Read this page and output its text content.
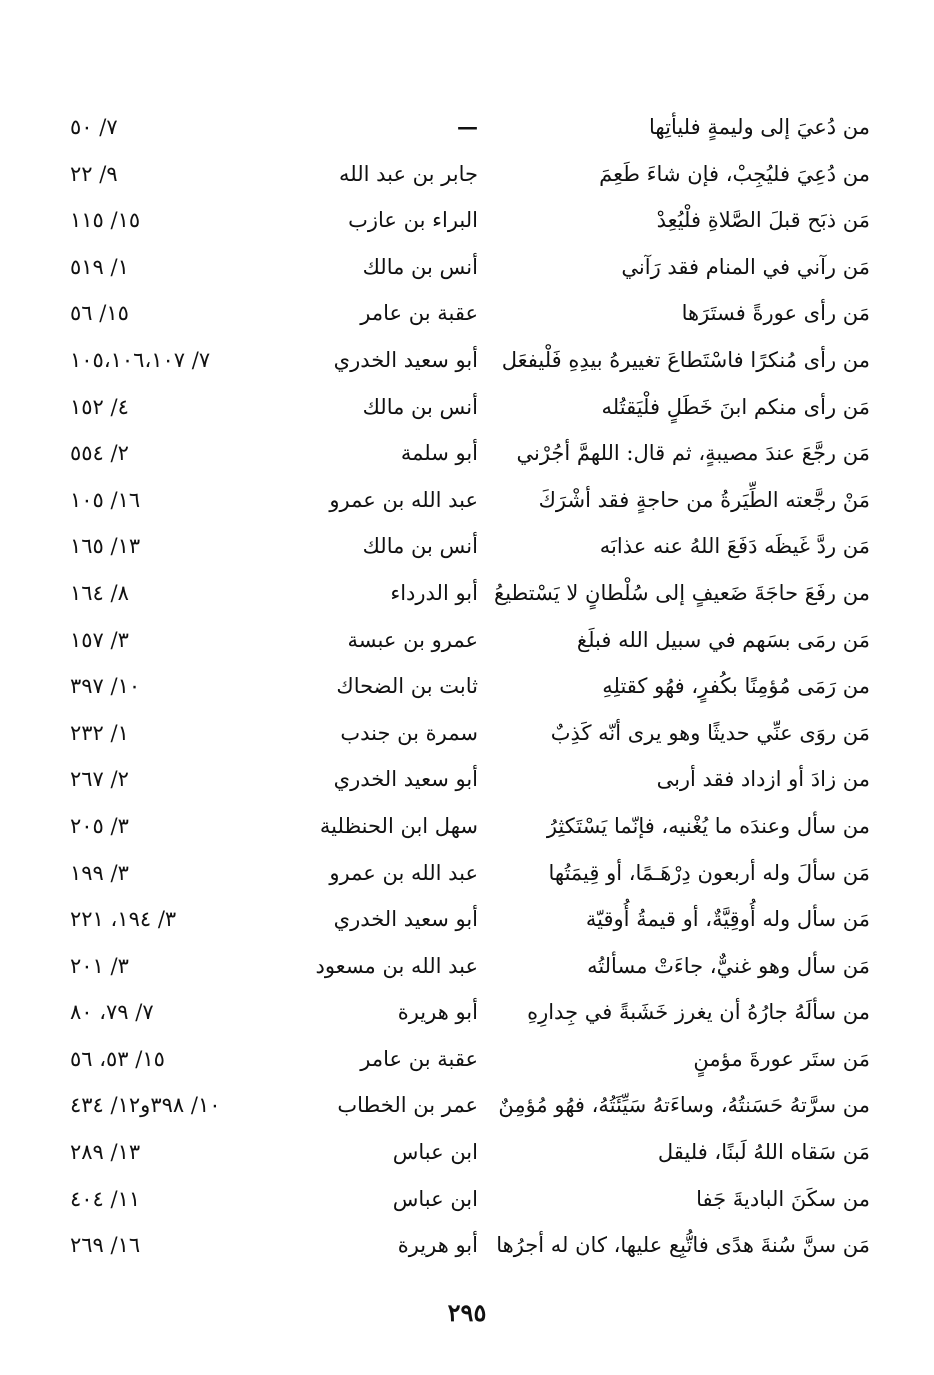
من دُعيَ إلى وليمةٍ فليأتِها
—
٧/ ٥٠
من دُعِيَ فليُجِبْ، فإن شاءَ طَعِمَ
جابر بن عبد الله
٩/ ٢٢
مَن ذبَح قبلَ الصَّلاةِ فلْيُعِدْ
البراء بن عازب
١٥/ ١١٥
مَن رآني في المنام فقد رَآني
أنس بن مالك
١/ ٥١٩
مَن رأى عورةً فستَرَها
عقبة بن عامر
١٥/ ٥٦
من رأى مُنكرًا فاسْتَطاعَ تغييرهُ بيدِهِ فَلْيفعَل
أبو سعيد الخدري
٧/ ١٠٥،١٠٦،١٠٧
مَن رأى منكم ابنَ خَطَلٍ فلْيَقتُله
أنس بن مالك
٤/ ١٥٢
مَن رجَّعَ عندَ مصيبةٍ، ثم قال: اللهمَّ أجُرْني
أبو سلمة
٢/ ٥٥٤
مَنْ رجَّعته الطِّيَرةُ من حاجةٍ فقد أشْرَكَ
عبد الله بن عمرو
١٦/ ١٠٥
مَن ردَّ غَيظَه دَفَعَ اللهُ عنه عذابَه
أنس بن مالك
١٣/ ١٦٥
من رفَعَ حاجَةَ ضَعيفٍ إلى سُلْطانٍ لا يَسْتطيعُ
أبو الدرداء
٨/ ١٦٤
مَن رمَى بسَهم في سبيل الله فبلَغ
عمرو بن عبسة
٣/ ١٥٧
من رَمَى مُؤمِنًا بكُفرٍ، فهُو كقتلِهِ
ثابت بن الضحاك
١٠/ ٣٩٧
مَن روَى عنِّي حديثًا وهو يرى أنّه كَذِبٌ
سمرة بن جندب
١/ ٢٣٢
من زادَ أو ازداد فقد أربى
أبو سعيد الخدري
٢/ ٢٦٧
من سأل وعندَه ما يُغْنيه، فإنّما يَسْتَكثِرُ
سهل ابن الحنظلية
٣/ ٢٠٥
مَن سألَ وله أربعون دِرْهَـمًا، أو قِيمَتُها
عبد الله بن عمرو
٣/ ١٩٩
مَن سأل وله أُوقِيَّةٌ، أو قيمةُ أُوقيّة
أبو سعيد الخدري
٣/ ١٩٤، ٢٢١
مَن سأل وهو غنيٌّ، جاءَتْ مسألتُه
عبد الله بن مسعود
٣/ ٢٠١
من سألَهُ جارُهُ أن يغرز خَشَبةً في جِدارِهِ
أبو هريرة
٧/ ٧٩، ٨٠
مَن ستَر عورةَ مؤمنٍ
عقبة بن عامر
١٥/ ٥٣، ٥٦
من سرَّتهُ حَسَنتُهُ، وساءَتهُ سَيِّئَتُهُ، فهُو مُؤمِنٌ
عمر بن الخطاب
١٠/ ٣٩٨و١٢/ ٤٣٤
مَن سَقاه اللهُ لَبنًا، فليقل
ابن عباس
١٣/ ٢٨٩
من سكَنَ الباديةَ جَفا
ابن عباس
١١/ ٤٠٤
مَن سنَّ سُنةَ هدًى فاتُّبِع عليها، كان له أجرُها
أبو هريرة
١٦/ ٢٦٩
٢٩٥
